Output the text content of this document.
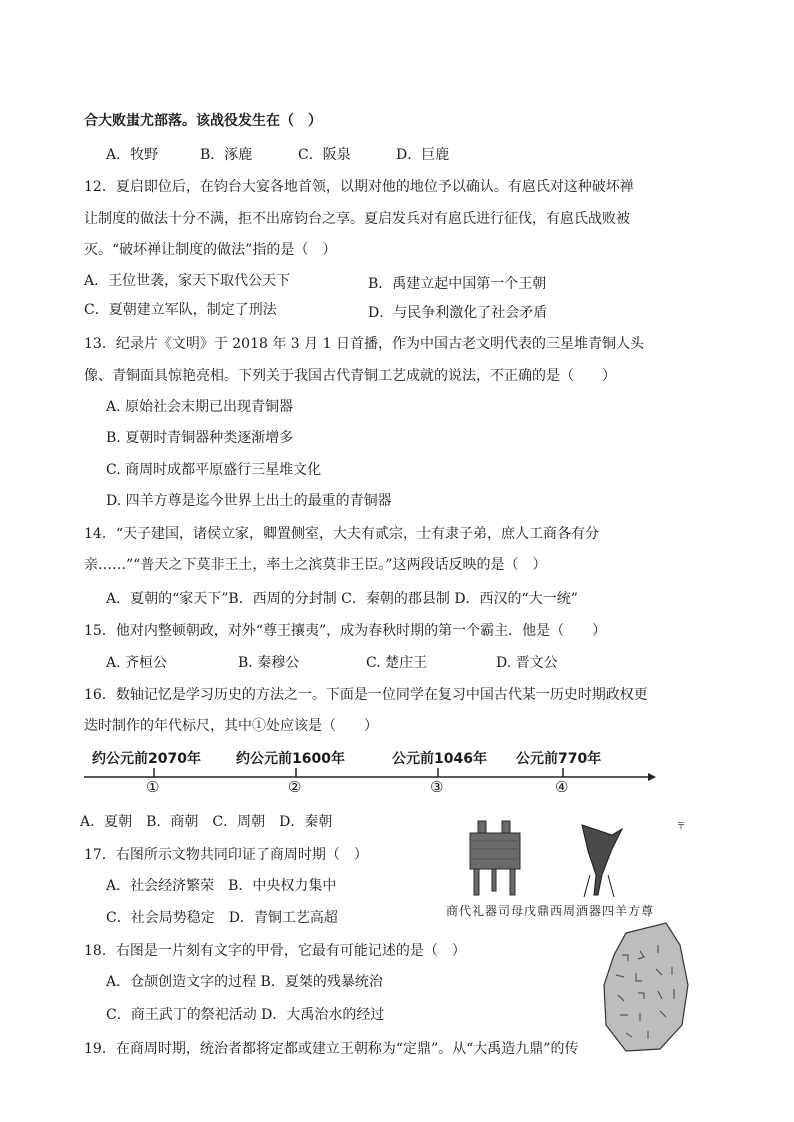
合大败蚩尤部落。该战役发生在（　）
A．牧野	B．涿鹿	C．阪泉	D．巨鹿
12．夏启即位后，在钧台大宴各地首领，以期对他的地位予以确认。有扈氏对这种破坏禅
让制度的做法十分不满，拒不出席钧台之享。夏启发兵对有扈氏进行征伐，有扈氏战败被
灭。“破坏禅让制度的做法”指的是（　）
A．王位世袭，家天下取代公天下	B．禹建立起中国第一个王朝
C．夏朝建立军队，制定了刑法	D．与民争利激化了社会矛盾
13．纪录片《文明》于 2018 年 3 月 1 日首播，作为中国古老文明代表的三星堆青铜人头
像、青铜面具惊艳亮相。下列关于我国古代青铜工艺成就的说法，不正确的是（　　）
A. 原始社会末期已出现青铜器
B. 夏朝时青铜器种类逐渐增多
C. 商周时成都平原盛行三星堆文化
D. 四羊方尊是迄今世界上出土的最重的青铜器
14．“天子建国，诸侯立家，卿置侧室，大夫有贰宗，士有隶子弟，庶人工商各有分
亲……”“普天之下莫非王土，率土之滨莫非王臣。”这两段话反映的是（　）
A．夏朝的“家天下”B．西周的分封制 C．秦朝的郡县制 D．西汉的“大一统”
15．他对内整顿朝政，对外“尊王攘夷”，成为春秋时期的第一个霸主．他是（　　）
A. 齐桓公	B. 秦穆公	C. 楚庄王	D. 晋文公
16．数轴记忆是学习历史的方法之一。下面是一位同学在复习中国古代某一历史时期政权更
迭时制作的年代标尺，其中①处应该是（　　）
约公元前2070年	约公元前1600年	公元前1046年 公元前770年
①	②	③	④
A．夏朝　B．商朝　C．周朝　D．秦朝
17．右图所示文物共同印证了商周时期（　）
A．社会经济繁荣　B．中央权力集中
C．社会局势稳定　D．青铜工艺高超
╤
商代礼器司母戊鼎西周酒器四羊方尊
18．右图是一片刻有文字的甲骨，它最有可能记述的是（　）
A．仓颉创造文字的过程 B．夏桀的残暴统治
C．商王武丁的祭祀活动 D．大禹治水的经过
19．在商周时期，统治者都将定都或建立王朝称为“定鼎”。从“大禹造九鼎”的传
